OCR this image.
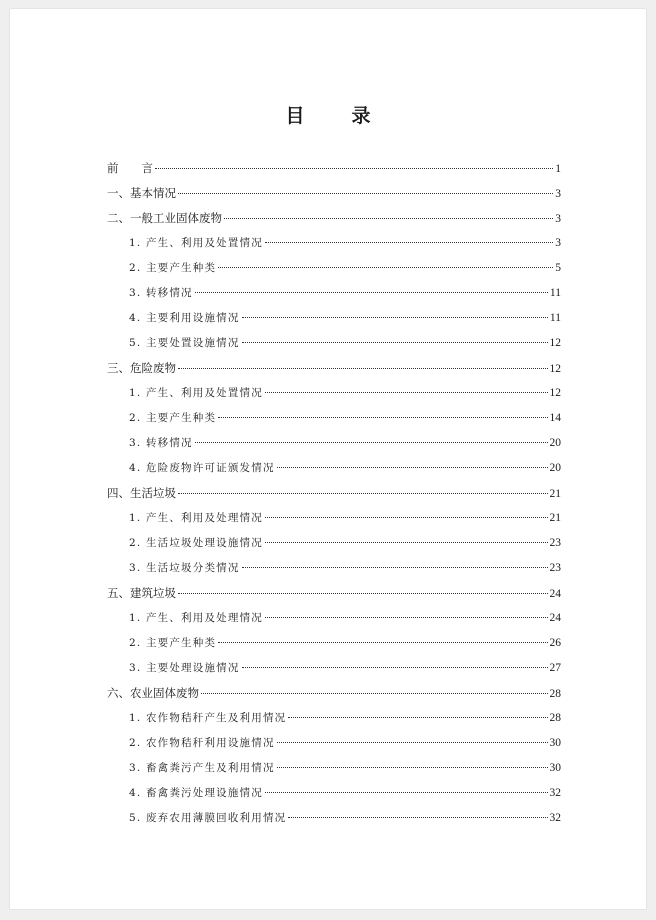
目　录
前　　言	1
一、基本情况	3
二、一般工业固体废物	3
1. 产生、利用及处置情况	3
2. 主要产生种类	5
3. 转移情况	11
4. 主要利用设施情况	11
5. 主要处置设施情况	12
三、危险废物	12
1. 产生、利用及处置情况	12
2. 主要产生种类	14
3. 转移情况	20
4. 危险废物许可证颁发情况	20
四、生活垃圾	21
1. 产生、利用及处理情况	21
2. 生活垃圾处理设施情况	23
3. 生活垃圾分类情况	23
五、建筑垃圾	24
1. 产生、利用及处理情况	24
2. 主要产生种类	26
3. 主要处理设施情况	27
六、农业固体废物	28
1. 农作物秸秆产生及利用情况	28
2. 农作物秸秆利用设施情况	30
3. 畜禽粪污产生及利用情况	30
4. 畜禽粪污处理设施情况	32
5. 废弃农用薄膜回收利用情况	32
